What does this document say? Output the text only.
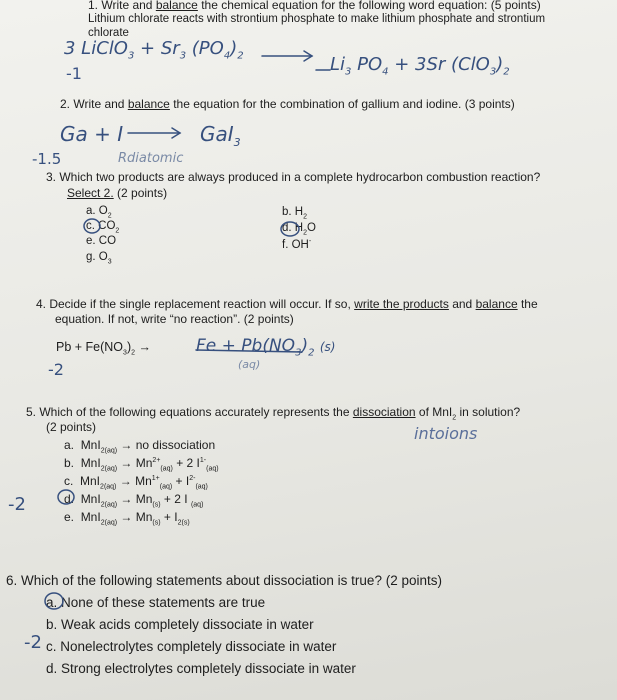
1. Write and balance the chemical equation for the following word equation: (5 points)
Lithium chlorate reacts with strontium phosphate to make lithium phosphate and strontium
chlorate
3 LiClO$_3$ + $Sr_3$ $(PO_4)_2$	$Li_3$ $PO_4 + 3Sr$ $(ClO_3)_2$
-1
2. Write and balance the equation for the combination of gallium and iodine. (3 points)
Ga + I	GaI$_3$
-1.5	Rdiatomic
3. Which two products are always produced in a complete hydrocarbon combustion reaction?
Select 2. (2 points)
a. $O_2$
c. $CO_2$
e. CO
g. $O_3$
b. $H_2$
d. $H_2O$
f. OH-
4. Decide if the single replacement reaction will occur. If so, write the products and balance the
equation. If not, write “no reaction”. (2 points)
$Pb + Fe(NO_3)_2$ →	$Fe + Pb(NO_3)_2$ (s)
(aq)
-2
5. Which of the following equations accurately represents the dissociation of MnI$_2$ in solution?
(2 points)	intoions
a. MnI$_{2(aq)}$ → no dissociation
b. $MnI_{2(aq)} \to Mn^{2+}_{(aq)} + 2$ $I^{1-}_{(aq)}$
c. $MnI_{2(aq)} \to Mn^{1+}_{(aq)} + I^{2-}_{(aq)}$
d. $MnI_{2(aq)} \to Mn_{(s)} + 2$ I $_{(aq)}$
e. $MnI_{2(aq)} \to Mn_{(s)} + I_{2(s)}$
-2
6. Which of the following statements about dissociation is true? (2 points)
a. None of these statements are true
b. Weak acids completely dissociate in water
c. Nonelectrolytes completely dissociate in water
d. Strong electrolytes completely dissociate in water
-2
